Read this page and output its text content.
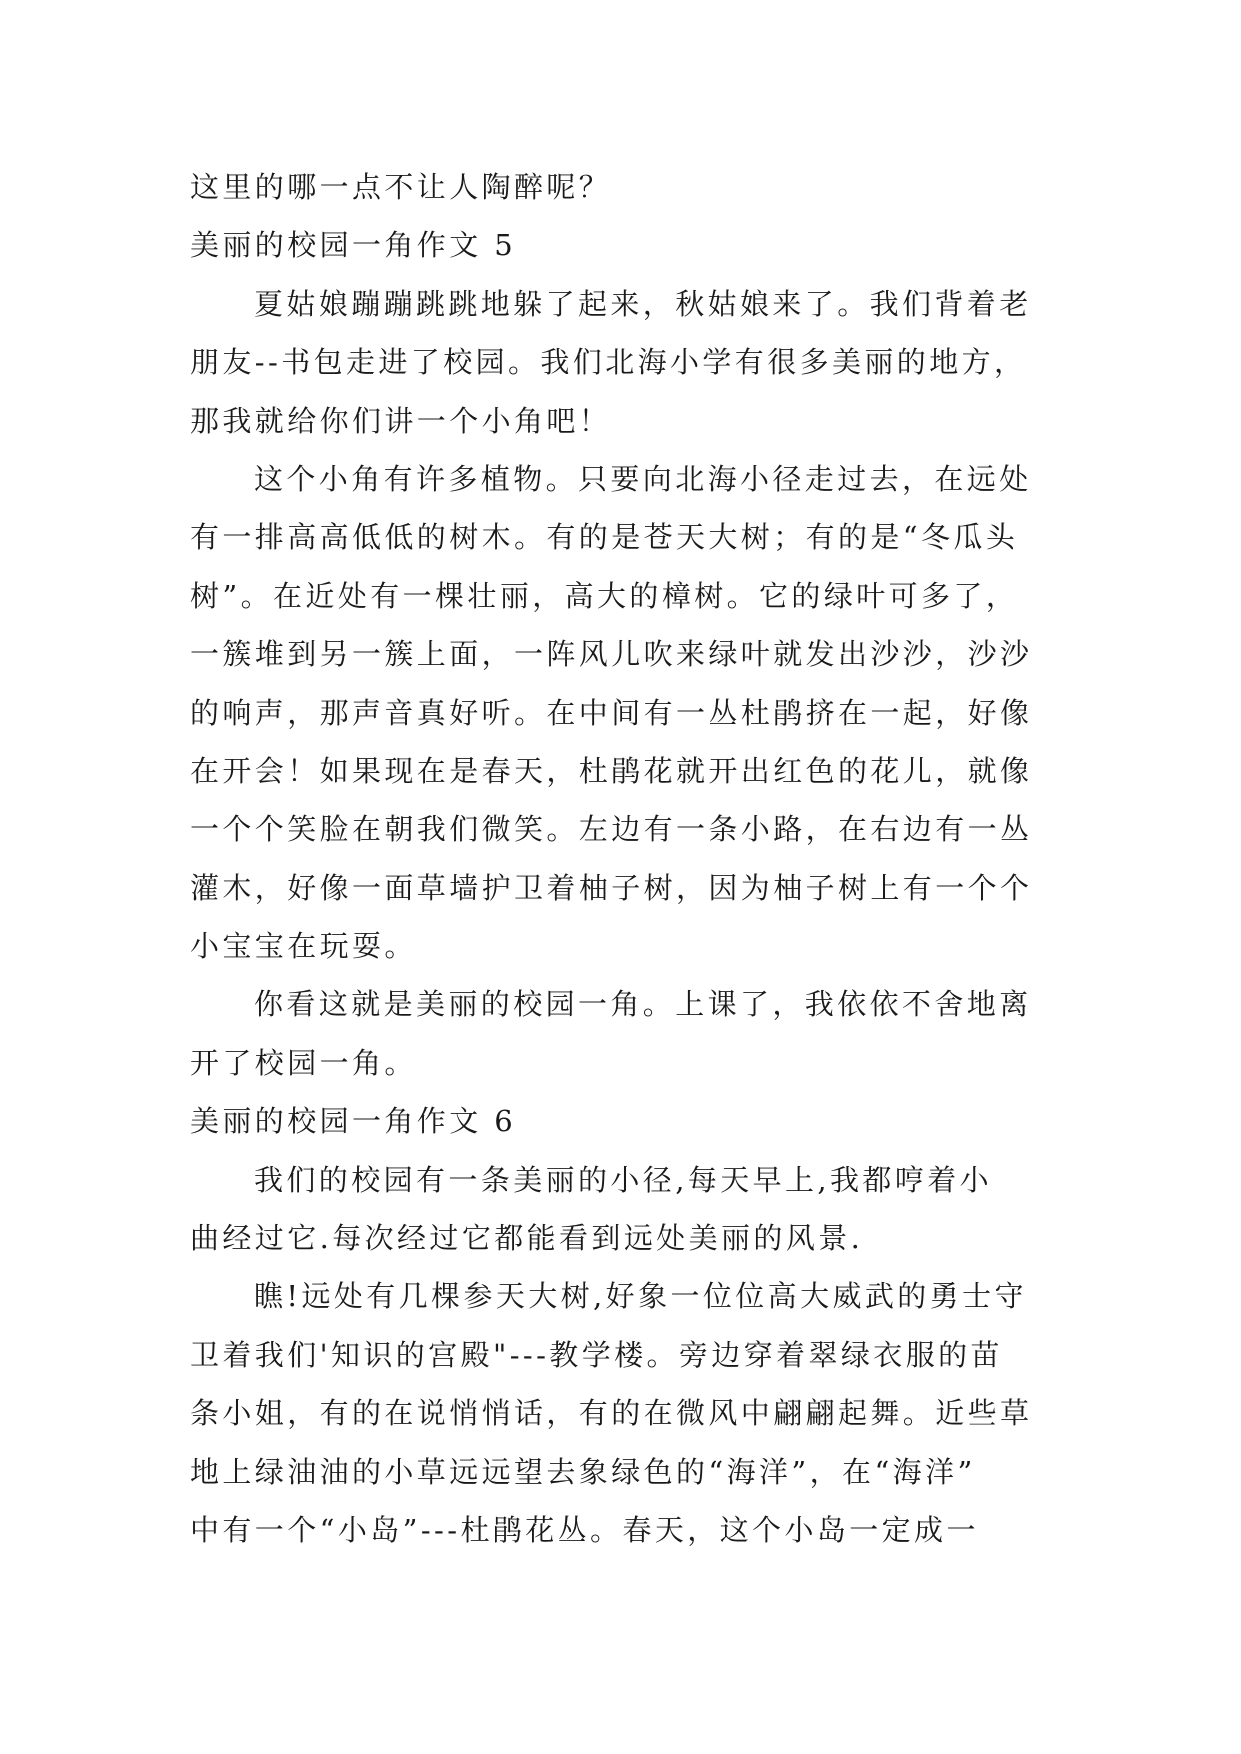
这里的哪一点不让人陶醉呢？
美丽的校园一角作文 5
夏姑娘蹦蹦跳跳地躲了起来，秋姑娘来了。我们背着老
朋友--书包走进了校园。我们北海小学有很多美丽的地方，
那我就给你们讲一个小角吧！
这个小角有许多植物。只要向北海小径走过去，在远处
有一排高高低低的树木。有的是苍天大树；有的是“冬瓜头
树”。在近处有一棵壮丽，高大的樟树。它的绿叶可多了，
一簇堆到另一簇上面，一阵风儿吹来绿叶就发出沙沙，沙沙
的响声，那声音真好听。在中间有一丛杜鹃挤在一起，好像
在开会！如果现在是春天，杜鹃花就开出红色的花儿，就像
一个个笑脸在朝我们微笑。左边有一条小路，在右边有一丛
灌木，好像一面草墙护卫着柚子树，因为柚子树上有一个个
小宝宝在玩耍。
你看这就是美丽的校园一角。上课了，我依依不舍地离
开了校园一角。
美丽的校园一角作文 6
我们的校园有一条美丽的小径,每天早上,我都哼着小
曲经过它.每次经过它都能看到远处美丽的风景.
瞧!远处有几棵参天大树,好象一位位高大威武的勇士守
卫着我们'知识的宫殿"---教学楼。旁边穿着翠绿衣服的苗
条小姐，有的在说悄悄话，有的在微风中翩翩起舞。近些草
地上绿油油的小草远远望去象绿色的“海洋”，在“海洋”
中有一个“小岛”---杜鹃花丛。春天，这个小岛一定成一
